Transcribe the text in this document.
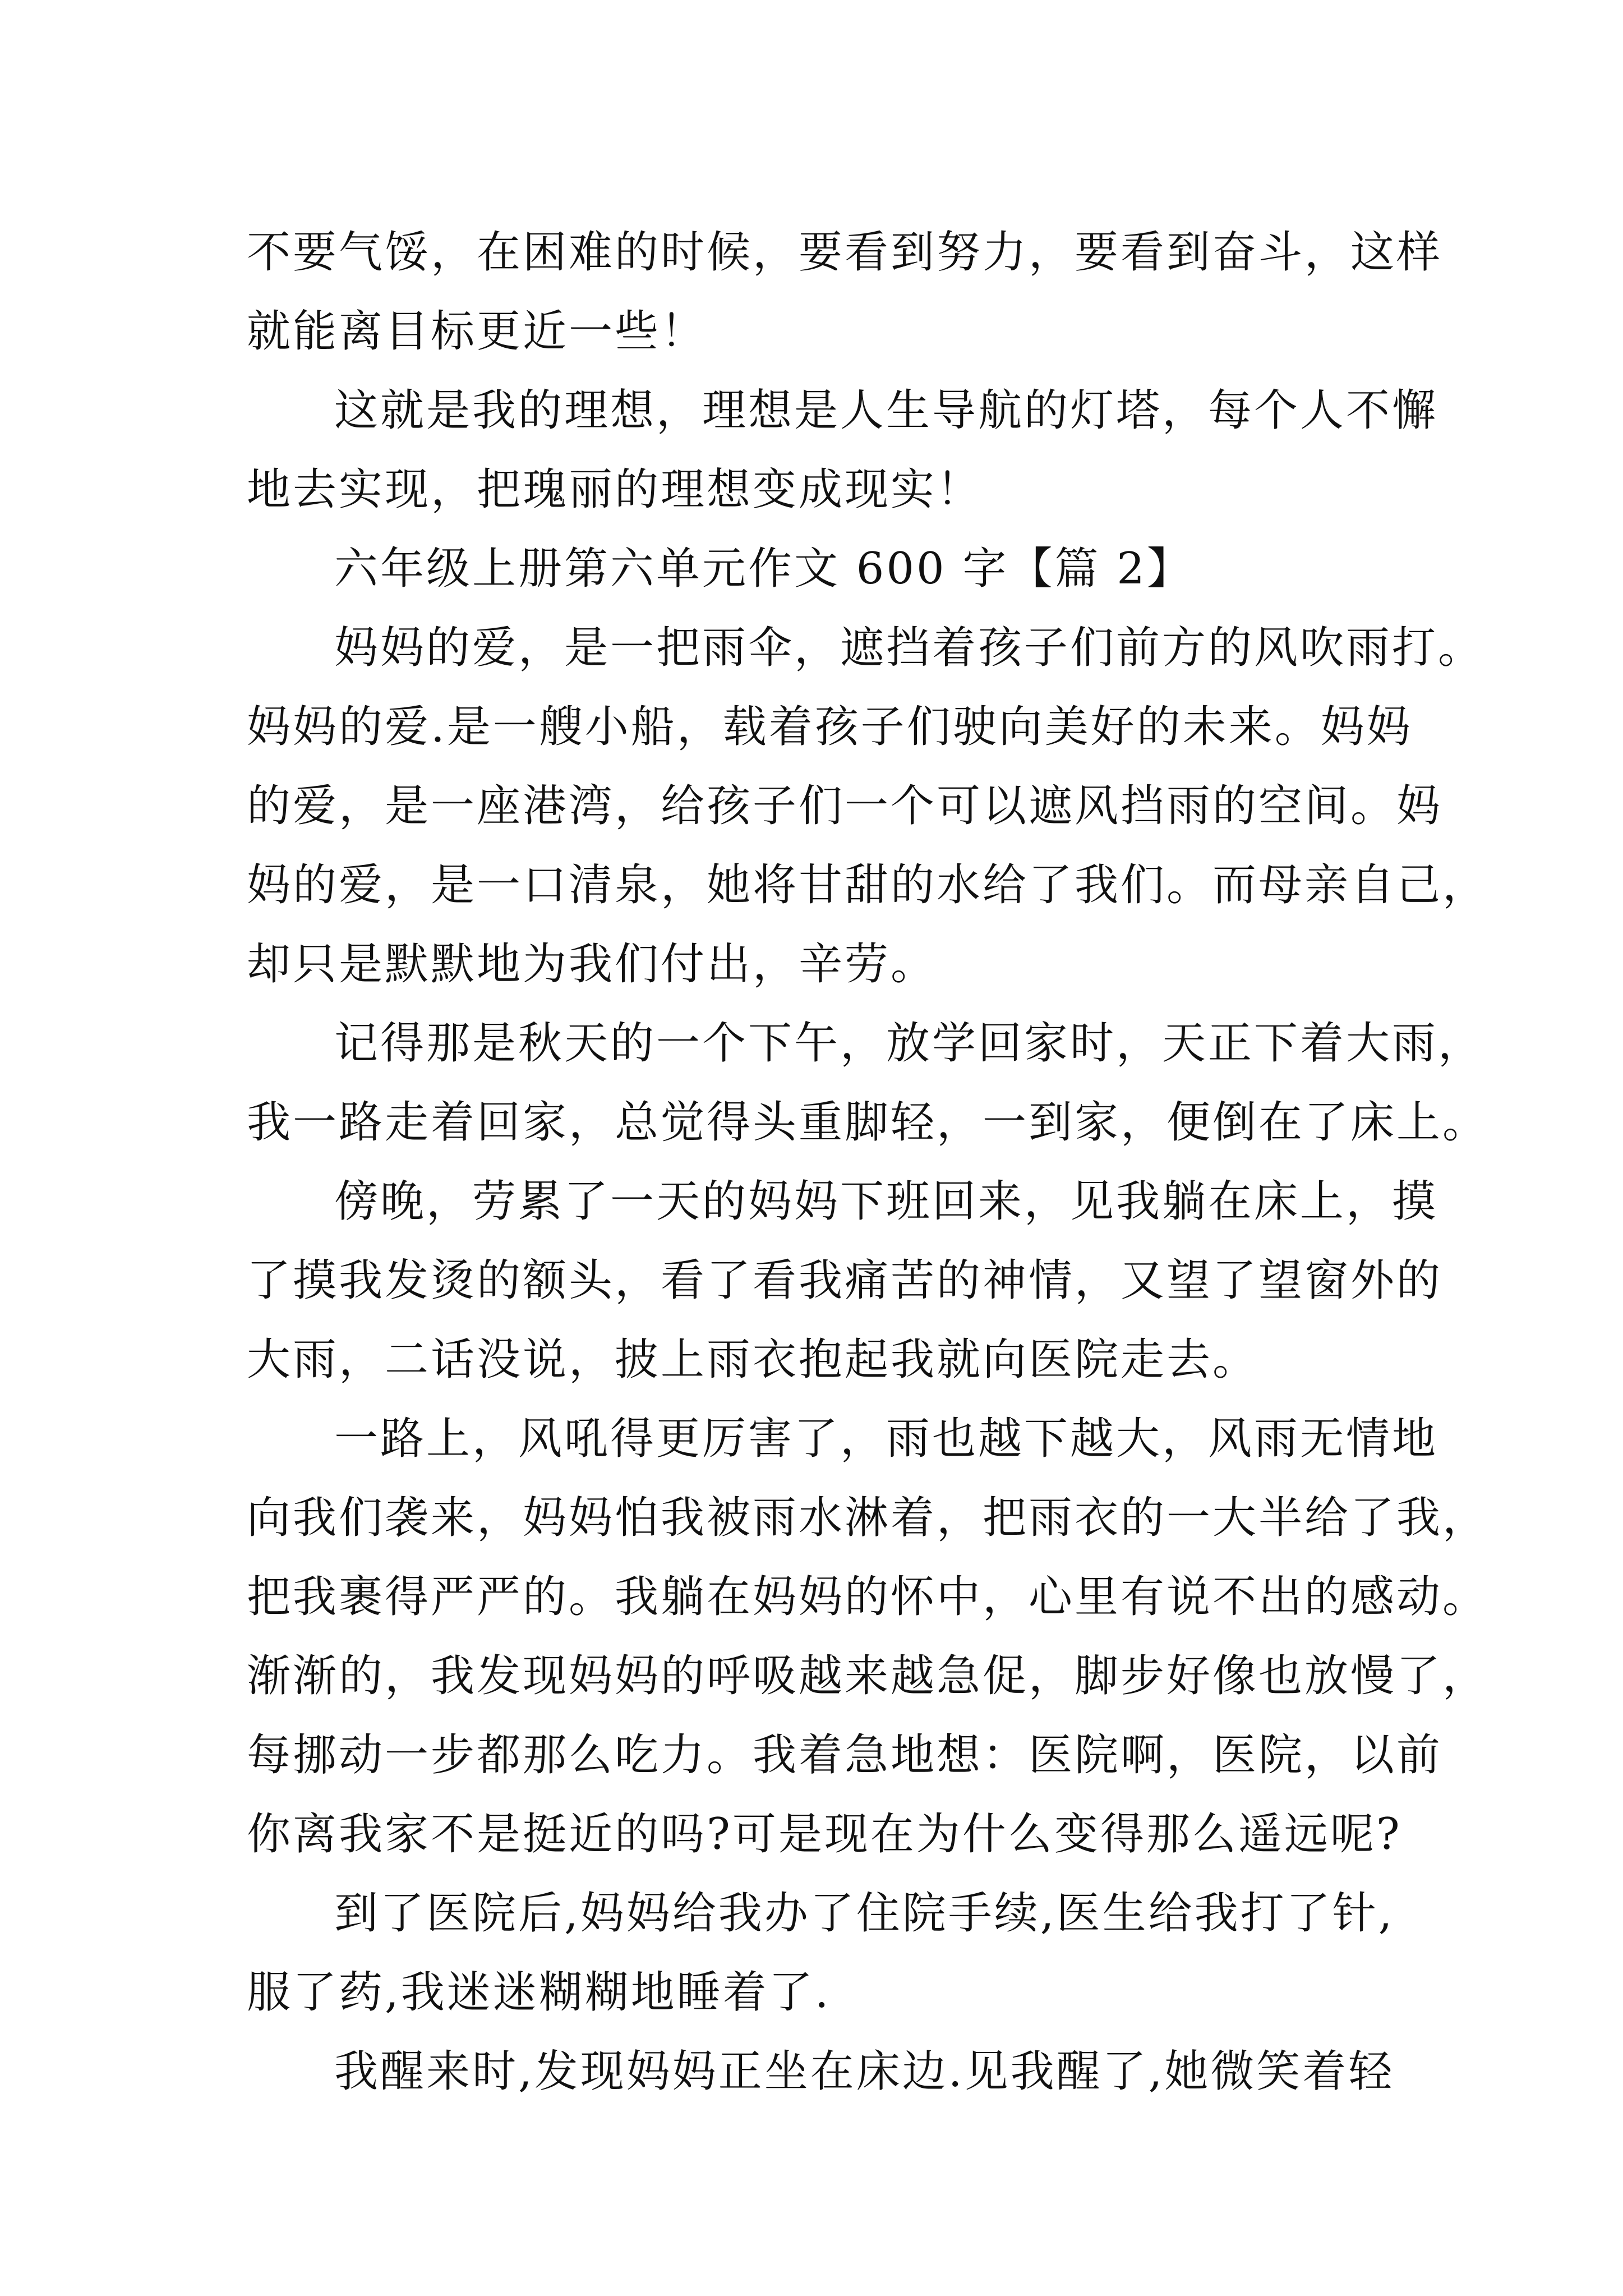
不要气馁，在困难的时候，要看到努力，要看到奋斗，这样
就能离目标更近一些！
这就是我的理想，理想是人生导航的灯塔，每个人不懈
地去实现，把瑰丽的理想变成现实！
六年级上册第六单元作文 600 字【篇 2】
妈妈的爱，是一把雨伞，遮挡着孩子们前方的风吹雨打。
妈妈的爱.是一艘小船，载着孩子们驶向美好的未来。妈妈
的爱，是一座港湾，给孩子们一个可以遮风挡雨的空间。妈
妈的爱，是一口清泉，她将甘甜的水给了我们。而母亲自己，
却只是默默地为我们付出，辛劳。
记得那是秋天的一个下午，放学回家时，天正下着大雨，
我一路走着回家，总觉得头重脚轻，一到家，便倒在了床上。
傍晚，劳累了一天的妈妈下班回来，见我躺在床上，摸
了摸我发烫的额头，看了看我痛苦的神情，又望了望窗外的
大雨，二话没说，披上雨衣抱起我就向医院走去。
一路上，风吼得更厉害了，雨也越下越大，风雨无情地
向我们袭来，妈妈怕我被雨水淋着，把雨衣的一大半给了我，
把我裹得严严的。我躺在妈妈的怀中，心里有说不出的感动。
渐渐的，我发现妈妈的呼吸越来越急促，脚步好像也放慢了，
每挪动一步都那么吃力。我着急地想：医院啊，医院，以前
你离我家不是挺近的吗?可是现在为什么变得那么遥远呢?
到了医院后,妈妈给我办了住院手续,医生给我打了针,
服了药,我迷迷糊糊地睡着了.
我醒来时,发现妈妈正坐在床边.见我醒了,她微笑着轻
